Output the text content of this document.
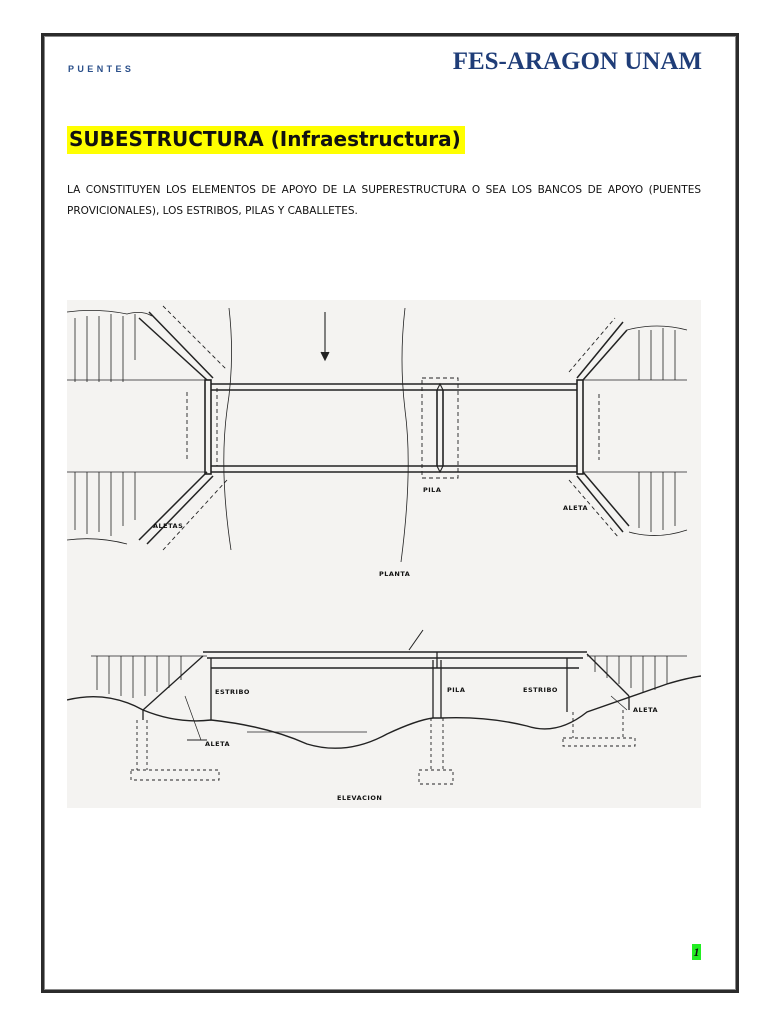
PUENTES	FES-ARAGON UNAM
SUBESTRUCTURA (Infraestructura)
LA CONSTITUYEN LOS ELEMENTOS DE APOYO DE LA SUPERESTRUCTURA O SEA LOS BANCOS DE APOYO (PUENTES PROVICIONALES), LOS ESTRIBOS, PILAS Y CABALLETES.
ALETAS
PILA
ALETA
PLANTA
ESTRIBO	PILA	ESTRIBO
ALETA
ALETA
ELEVACION
1
